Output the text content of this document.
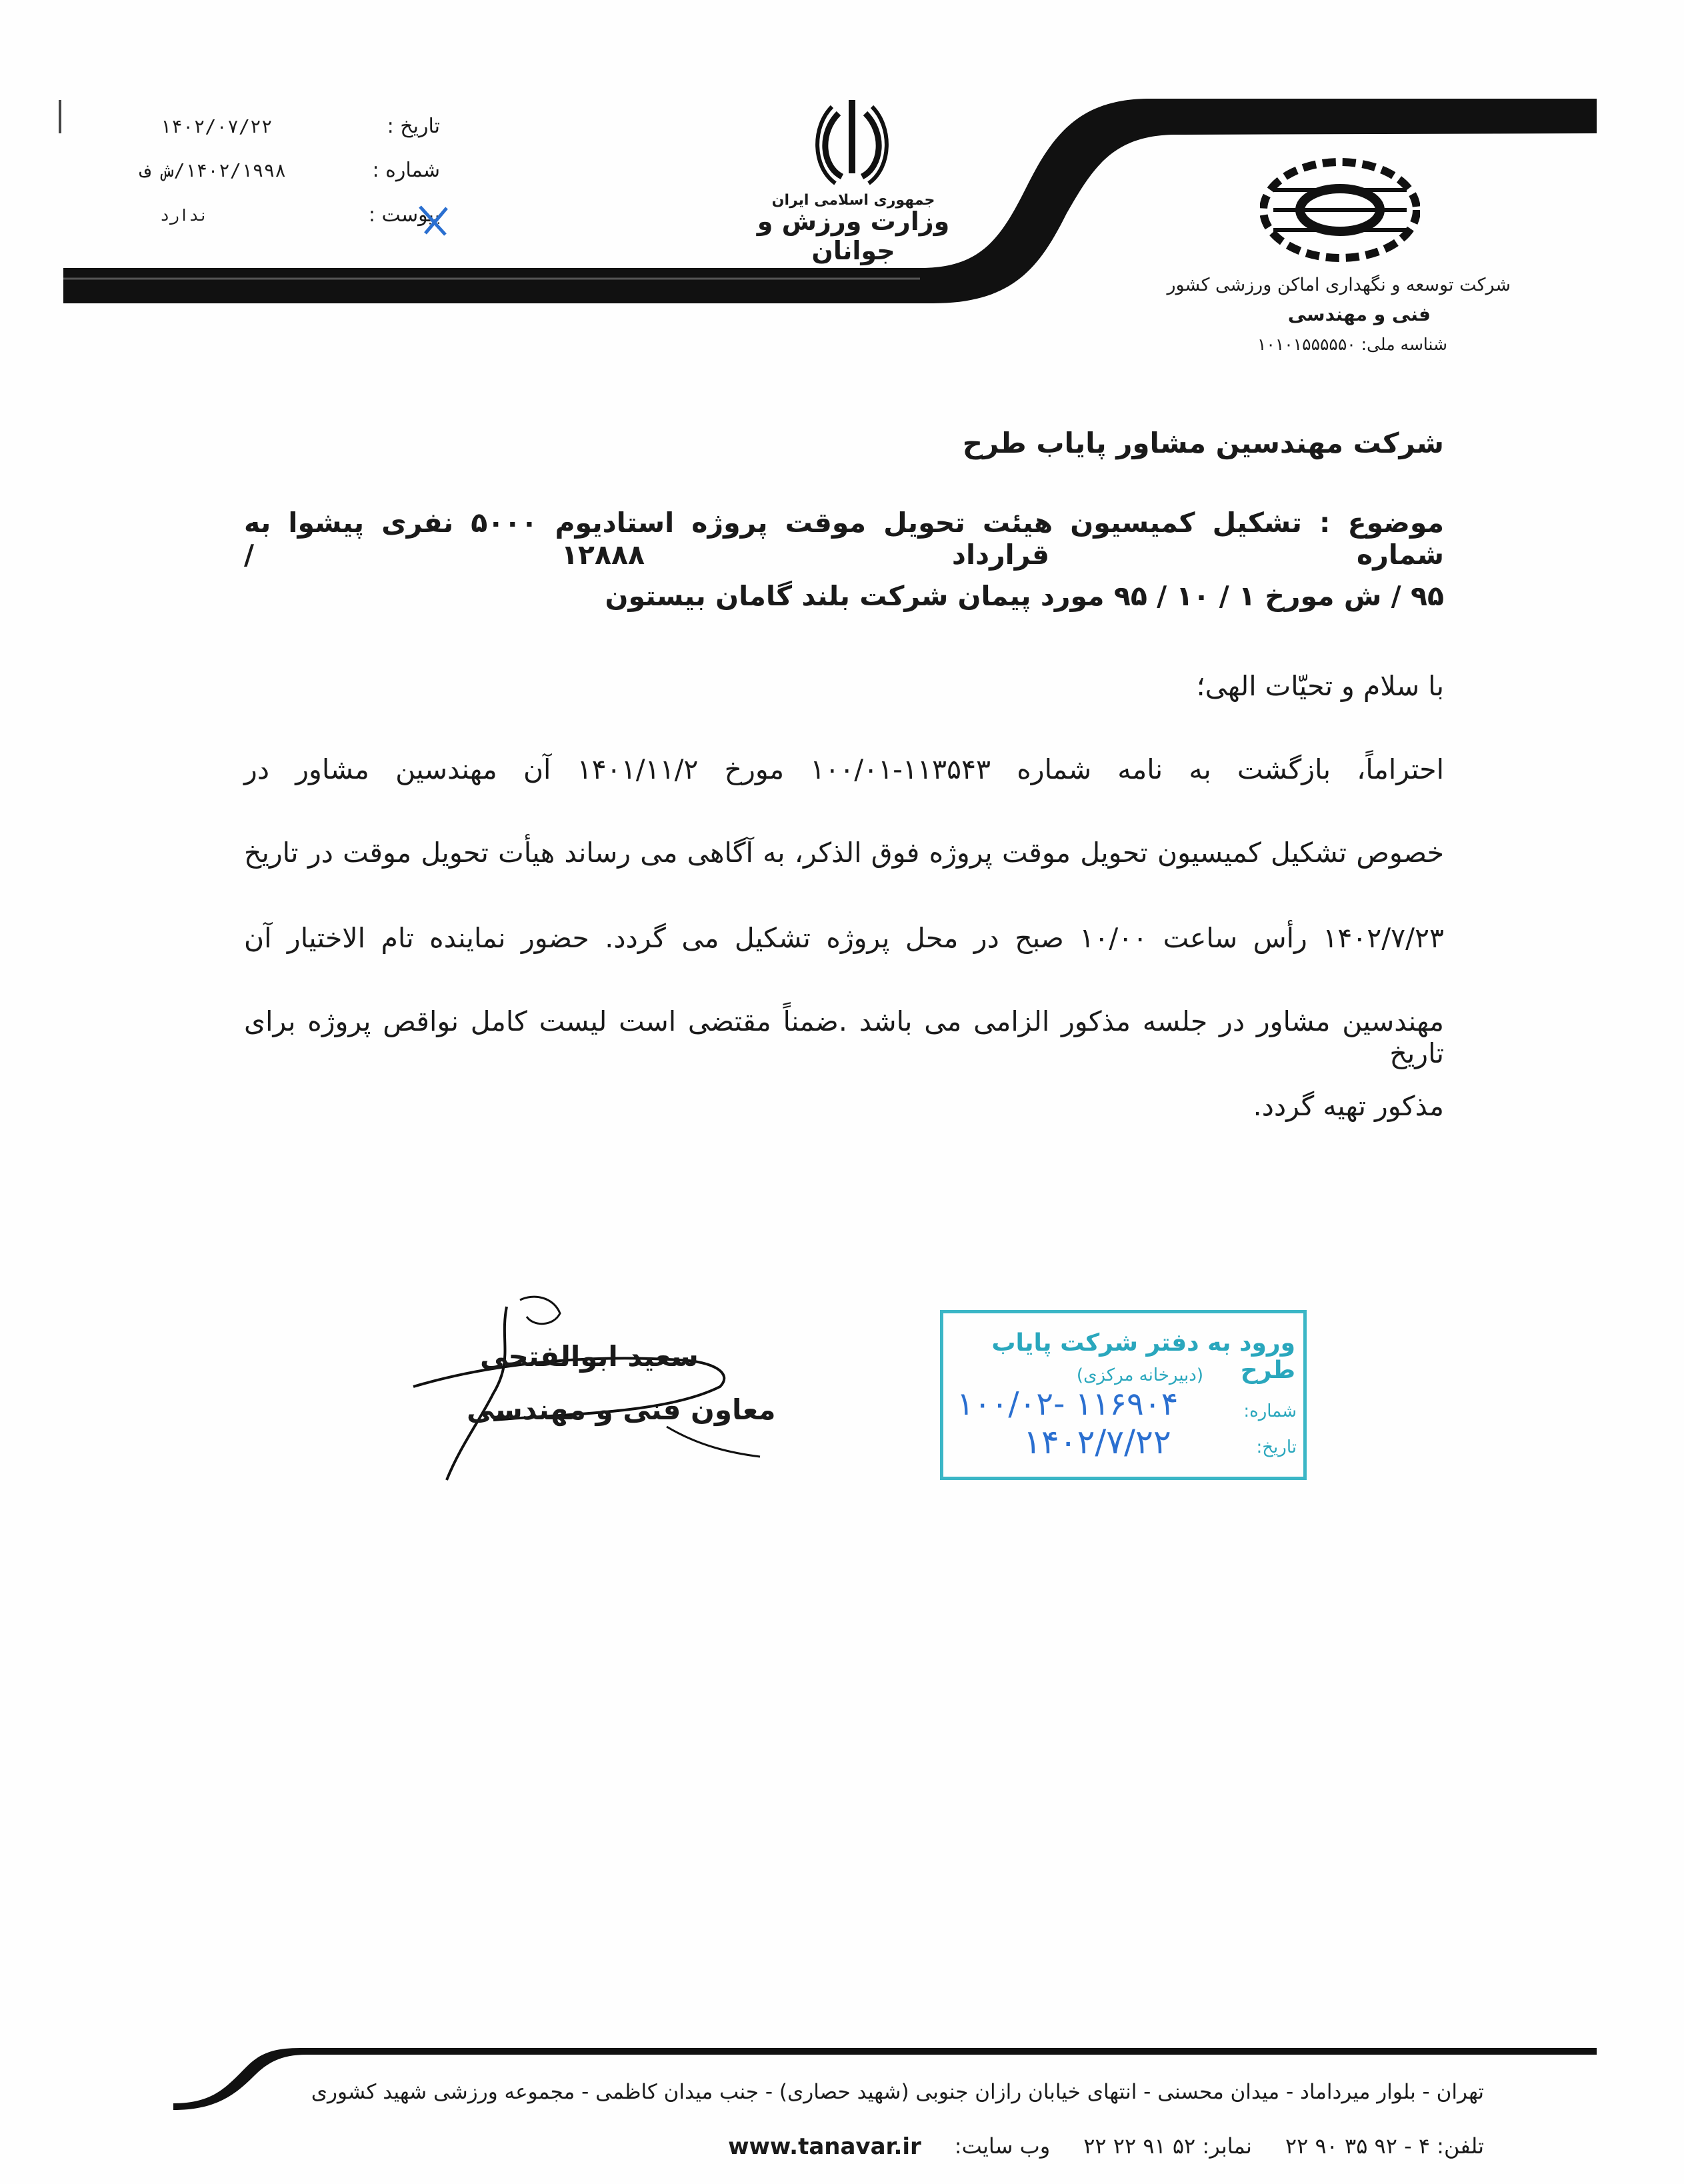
تاریخ :
۱۴۰۲/۰۷/۲۲
شماره :
۱۴۰۲/۱۹۹۸/ش ف
پیوست :
ندارد
جمهوری اسلامی ایران
وزارت ورزش و جوانان
شرکت توسعه و نگهداری اماکن ورزشی کشور
فنی و مهندسی
شناسه ملی: ۱۰۱۰۱۵۵۵۵۵۰
شرکت مهندسین مشاور پایاب طرح
موضوع : تشکیل کمیسیون هیئت تحویل موقت پروژه استادیوم ۵۰۰۰ نفری پیشوا به شماره قرارداد ۱۲۸۸۸ /
۹۵ / ش مورخ ۱ / ۱۰ / ۹۵ مورد پیمان شرکت بلند گامان بیستون
با سلام و تحیّات الهی؛
احتراماً، بازگشت به نامه شماره ۱۱۳۵۴۳-۱۰۰/۰۱ مورخ ۱۴۰۱/۱۱/۲ آن مهندسین مشاور در
خصوص تشکیل کمیسیون تحویل موقت پروژه فوق الذکر، به آگاهی می رساند هیأت تحویل موقت در تاریخ
۱۴۰۲/۷/۲۳ رأس ساعت ۱۰/۰۰ صبح در محل پروژه تشکیل می گردد. حضور نماینده تام الاختیار آن
مهندسین مشاور در جلسه مذکور الزامی می باشد .ضمناً مقتضی است لیست کامل نواقص پروژه برای تاریخ
مذکور تهیه گردد.
سعید ابوالفتحی
معاون فنی و مهندسی
ورود به دفتر شرکت پایاب طرح
(دبیرخانه مرکزی)
شماره:
تاریخ:
۱۰۰/۰۲- ۱۱۶۹۰۴
۱۴۰۲/۷/۲۲
تهران - بلوار میرداماد - میدان محسنی - انتهای خیابان رازان جنوبی (شهید حصاری) - جنب میدان کاظمی - مجموعه ورزشی شهید کشوری
تلفن: ۴ - ۹۲ ۳۵ ۹۰ ۲۲
نمابر: ۵۲ ۹۱ ۲۲ ۲۲
وب سایت:
www.tanavar.ir
